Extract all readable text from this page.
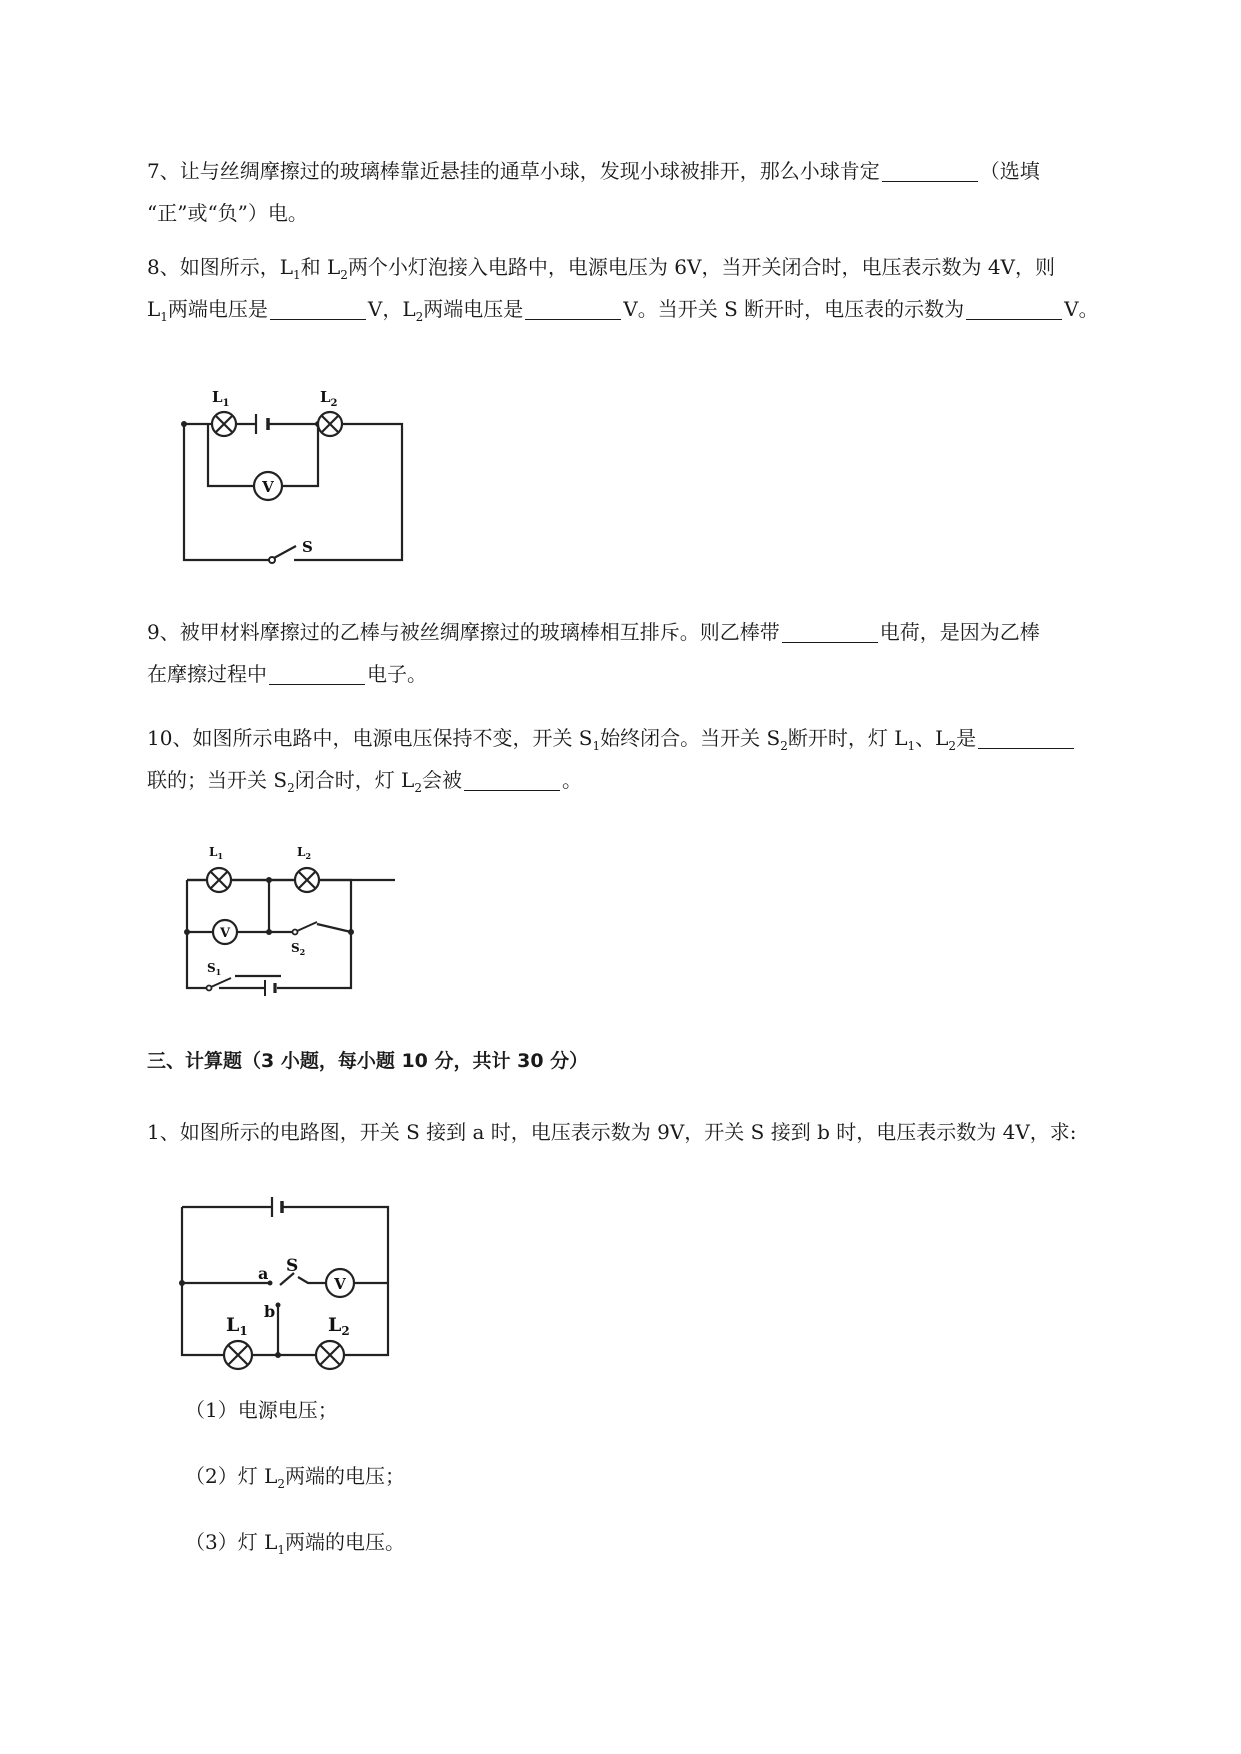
7、让与丝绸摩擦过的玻璃棒靠近悬挂的通草小球，发现小球被排开，那么小球肯定	（选填
“正”或“负”）电。

8、如图所示，$L_1$和 $L_2$两个小灯泡接入电路中，电源电压为 6V，当开关闭合时，电压表示数为 4V，则
$L_1$两端电压是	V，$L_2$两端电压是	V。当开关 S 断开时，电压表的示数为	V。

V
$L_1$	$L_2$
S

9、被甲材料摩擦过的乙棒与被丝绸摩擦过的玻璃棒相互排斥。则乙棒带	电荷，是因为乙棒
在摩擦过程中	电子。

10、如图所示电路中，电源电压保持不变，开关 $S_1$始终闭合。当开关 $S_2$断开时，灯 $L_1$、$L_2$是
联的；当开关 $S_2$闭合时，灯 $L_2$会被	。

V
$L_1$	$L_2$
$S_2$
$S_1$

三、计算题（3 小题，每小题 10 分，共计 30 分）

1、如图所示的电路图，开关 S 接到 a 时，电压表示数为 9V，开关 S 接到 b 时，电压表示数为 4V，求:

V
a
b
S
$L_1$	$L_2$
（1）电源电压；
（2）灯 $L_2$两端的电压；
（3）灯 $L_1$两端的电压。
